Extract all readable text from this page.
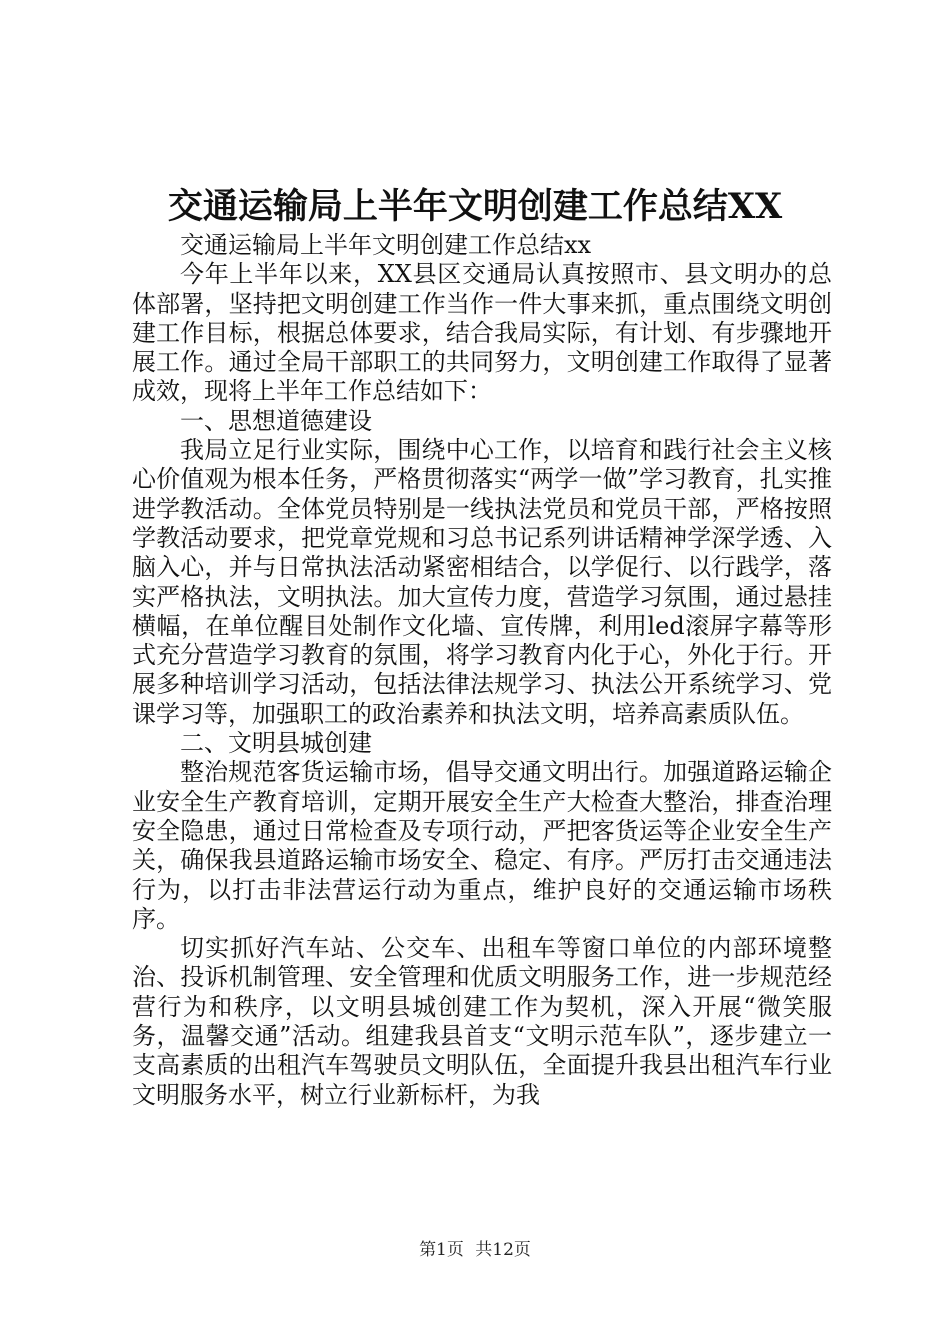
交通运输局上半年文明创建工作总结XX

交通运输局上半年文明创建工作总结xx

今年上半年以来，XX县区交通局认真按照市、县文明办的总体部署，坚持把文明创建工作当作一件大事来抓，重点围绕文明创建工作目标，根据总体要求，结合我局实际，有计划、有步骤地开展工作。通过全局干部职工的共同努力，文明创建工作取得了显著成效，现将上半年工作总结如下：

一、思想道德建设

我局立足行业实际，围绕中心工作，以培育和践行社会主义核心价值观为根本任务，严格贯彻落实“两学一做”学习教育，扎实推进学教活动。全体党员特别是一线执法党员和党员干部，严格按照学教活动要求，把党章党规和习总书记系列讲话精神学深学透、入脑入心，并与日常执法活动紧密相结合，以学促行、以行践学，落实严格执法，文明执法。加大宣传力度，营造学习氛围，通过悬挂横幅，在单位醒目处制作文化墙、宣传牌，利用led滚屏字幕等形式充分营造学习教育的氛围，将学习教育内化于心，外化于行。开展多种培训学习活动，包括法律法规学习、执法公开系统学习、党课学习等，加强职工的政治素养和执法文明，培养高素质队伍。

二、文明县城创建

整治规范客货运输市场，倡导交通文明出行。加强道路运输企业安全生产教育培训，定期开展安全生产大检查大整治，排查治理安全隐患，通过日常检查及专项行动，严把客货运等企业安全生产关，确保我县道路运输市场安全、稳定、有序。严厉打击交通违法行为，以打击非法营运行动为重点，维护良好的交通运输市场秩序。

切实抓好汽车站、公交车、出租车等窗口单位的内部环境整治、投诉机制管理、安全管理和优质文明服务工作，进一步规范经营行为和秩序，以文明县城创建工作为契机，深入开展“微笑服务，温馨交通”活动。组建我县首支“文明示范车队”，逐步建立一支高素质的出租汽车驾驶员文明队伍，全面提升我县出租汽车行业文明服务水平，树立行业新标杆，为我

第1页 共12页
